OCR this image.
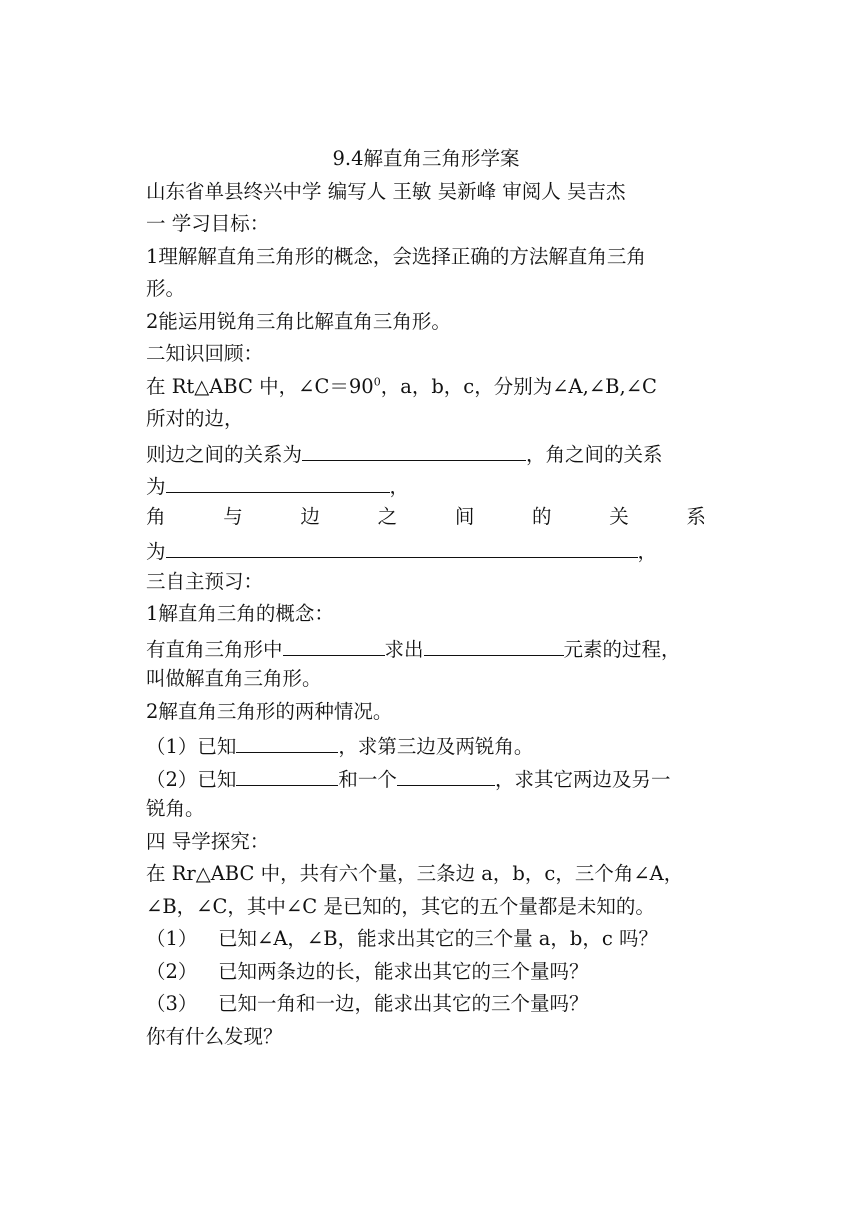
9.4解直角三角形学案
山东省单县终兴中学 编写人 王敏 吴新峰 审阅人 吴吉杰
一 学习目标：
1理解解直角三角形的概念，会选择正确的方法解直角三角
形。
2能运用锐角三角比解直角三角形。
二知识回顾：
在 Rt△ABC 中，$\angle C=90^0$，a，b，c，分别为∠A,∠B,∠C
所对的边，
则边之间的关系为	，角之间的关系
为	，
角	与	边	之	间	的	关	系
为	，
三自主预习：
1解直角三角的概念：
有直角三角形中	求出	元素的过程，
叫做解直角三角形。
2解直角三角形的两种情况。
（1）已知	，求第三边及两锐角。
（2）已知	和一个	，求其它两边及另一
锐角。
四 导学探究：
在 Rr△ABC 中，共有六个量，三条边 a，b，c，三个角∠A，
∠B，∠C，其中∠C 是已知的，其它的五个量都是未知的。
（1） 已知∠A，∠B，能求出其它的三个量 a，b，c 吗？
（2） 已知两条边的长，能求出其它的三个量吗？
（3） 已知一角和一边，能求出其它的三个量吗？
你有什么发现？
